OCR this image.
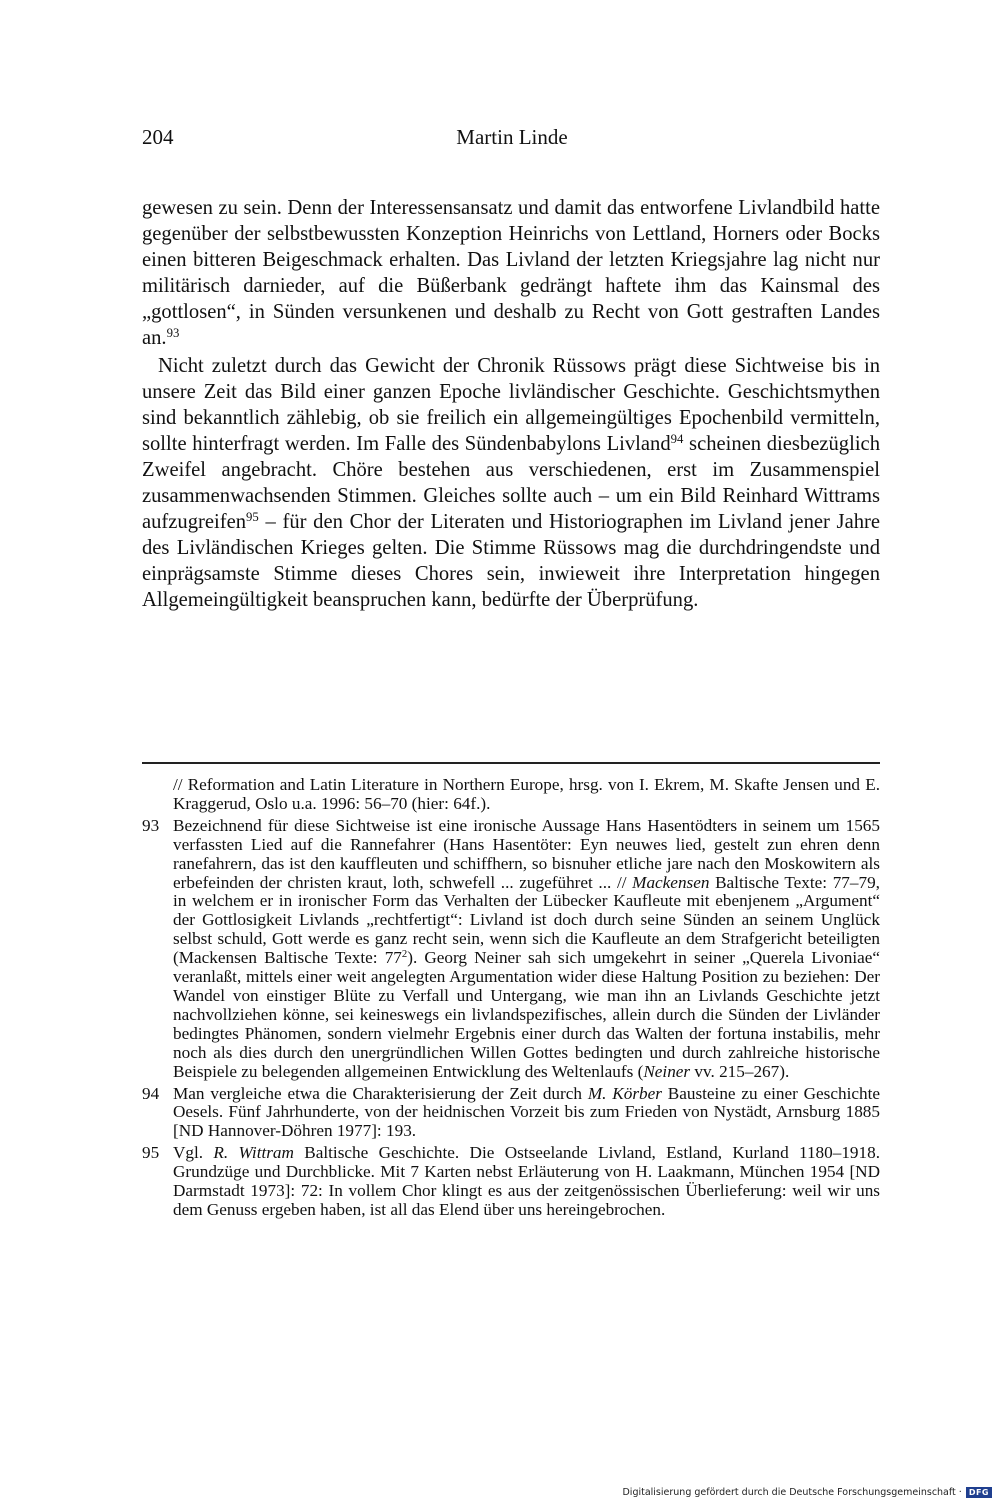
204	Martin Linde

gewesen zu sein. Denn der Interessensansatz und damit das entworfene Livlandbild hatte gegenüber der selbstbewussten Konzeption Heinrichs von Lettland, Horners oder Bocks einen bitteren Beigeschmack erhalten. Das Livland der letzten Kriegsjahre lag nicht nur militärisch darnieder, auf die Büßerbank gedrängt haftete ihm das Kainsmal des „gottlosen“, in Sünden versunkenen und deshalb zu Recht von Gott gestraften Landes an.$^{93}$

Nicht zuletzt durch das Gewicht der Chronik Rüssows prägt diese Sichtweise bis in unsere Zeit das Bild einer ganzen Epoche livländischer Geschichte. Geschichtsmythen sind bekanntlich zählebig, ob sie freilich ein allgemeingültiges Epochenbild vermitteln, sollte hinterfragt werden. Im Falle des Sündenbabylons Livland$^{94}$ scheinen diesbezüglich Zweifel angebracht. Chöre bestehen aus verschiedenen, erst im Zusammenspiel zusammenwachsenden Stimmen. Gleiches sollte auch – um ein Bild Reinhard Wittrams aufzugreifen$^{95}$ – für den Chor der Literaten und Historiographen im Livland jener Jahre des Livländischen Krieges gelten. Die Stimme Rüssows mag die durchdringendste und einprägsamste Stimme dieses Chores sein, inwieweit ihre Interpretation hingegen Allgemeingültigkeit beanspruchen kann, bedürfte der Überprüfung.

// Reformation and Latin Literature in Northern Europe, hrsg. von I. Ekrem, M. Skafte Jensen und E. Kraggerud, Oslo u.a. 1996: 56–70 (hier: 64f.).
93 Bezeichnend für diese Sichtweise ist eine ironische Aussage Hans Hasentödters in seinem um 1565 verfassten Lied auf die Rannefahrer (Hans Hasentöter: Eyn neuwes lied, gestelt zun ehren denn ranefahrern, das ist den kauffleuten und schiffhern, so bisnuher etliche jare nach den Moskowitern als erbefeinden der christen kraut, loth, schwefell ... zugeführet ... // Mackensen Baltische Texte: 77–79, in welchem er in ironischer Form das Verhalten der Lübecker Kaufleute mit ebenjenem „Argument“ der Gottlosigkeit Livlands „rechtfertigt“: Livland ist doch durch seine Sünden an seinem Unglück selbst schuld, Gott werde es ganz recht sein, wenn sich die Kaufleute an dem Strafgericht beteiligten (Mackensen Baltische Texte: $77^2$). Georg Neiner sah sich umgekehrt in seiner „Querela Livoniae“ veranlaßt, mittels einer weit angelegten Argumentation wider diese Haltung Position zu beziehen: Der Wandel von einstiger Blüte zu Verfall und Untergang, wie man ihn an Livlands Geschichte jetzt nachvollziehen könne, sei keineswegs ein livlandspezifisches, allein durch die Sünden der Livländer bedingtes Phänomen, sondern vielmehr Ergebnis einer durch das Walten der fortuna instabilis, mehr noch als dies durch den unergründlichen Willen Gottes bedingten und durch zahlreiche historische Beispiele zu belegenden allgemeinen Entwicklung des Weltenlaufs (Neiner vv. 215–267).
94 Man vergleiche etwa die Charakterisierung der Zeit durch M. Körber Bausteine zu einer Geschichte Oesels. Fünf Jahrhunderte, von der heidnischen Vorzeit bis zum Frieden von Nystädt, Arnsburg 1885 [ND Hannover-Döhren 1977]: 193.
95 Vgl. R. Wittram Baltische Geschichte. Die Ostseelande Livland, Estland, Kurland 1180–1918. Grundzüge und Durchblicke. Mit 7 Karten nebst Erläuterung von H. Laakmann, München 1954 [ND Darmstadt 1973]: 72: In vollem Chor klingt es aus der zeitgenössischen Überlieferung: weil wir uns dem Genuss ergeben haben, ist all das Elend über uns hereingebrochen.
Digitalisierung gefördert durch die Deutsche Forschungsgemeinschaft · DFG
